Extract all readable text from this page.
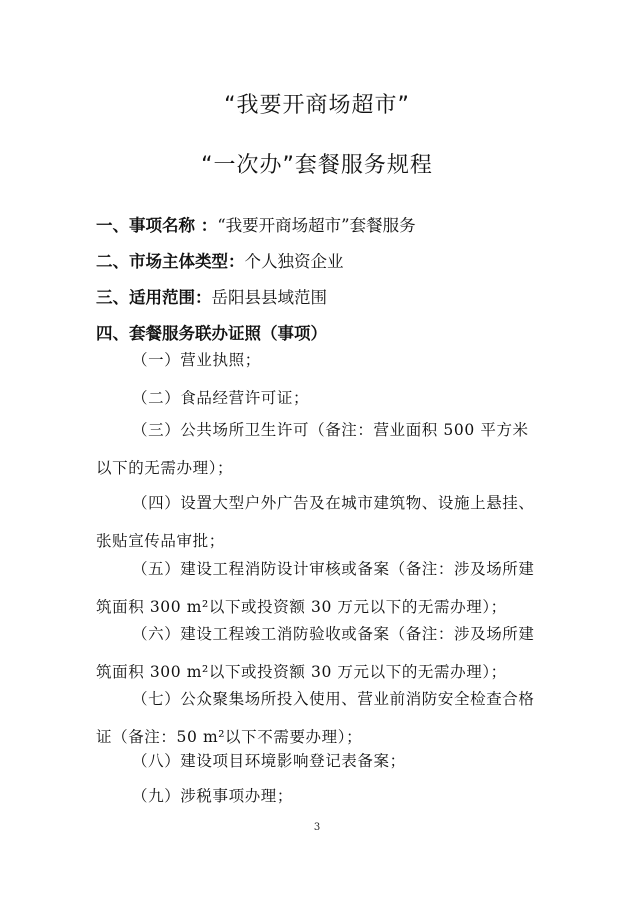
“我要开商场超市”
“一次办”套餐服务规程
一、事项名称 ：“我要开商场超市”套餐服务
二、市场主体类型：个人独资企业
三、适用范围：岳阳县县域范围
四、套餐服务联办证照（事项）
（一）营业执照；
（二）食品经营许可证；
（三）公共场所卫生许可（备注：营业面积 500 平方米以下的无需办理）；
（四）设置大型户外广告及在城市建筑物、设施上悬挂、张贴宣传品审批；
（五）建设工程消防设计审核或备案（备注：涉及场所建筑面积 300 m²以下或投资额 30 万元以下的无需办理）；
（六）建设工程竣工消防验收或备案（备注：涉及场所建筑面积 300 m²以下或投资额 30 万元以下的无需办理）；
（七）公众聚集场所投入使用、营业前消防安全检查合格证（备注：50 m²以下不需要办理）；
（八）建设项目环境影响登记表备案；
（九）涉税事项办理；
3
